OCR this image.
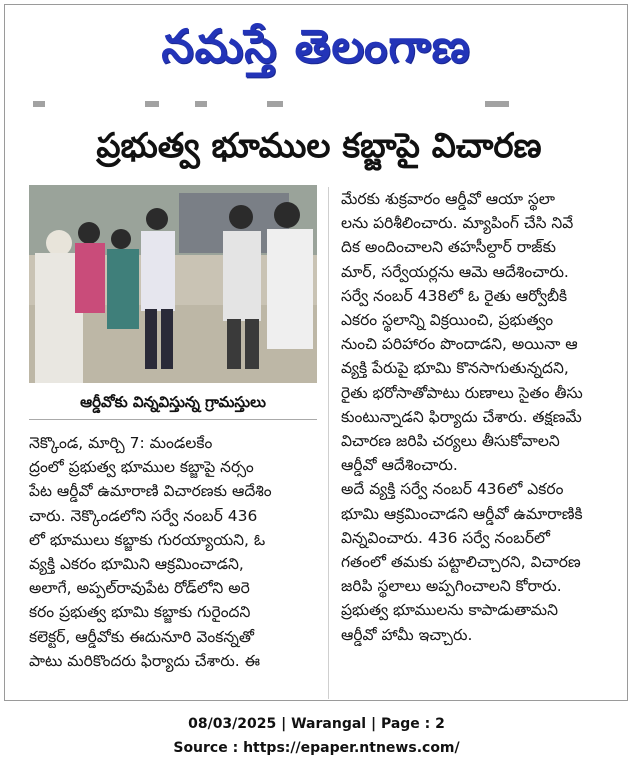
నమస్తే తెలంగాణ
ప్రభుత్వ భూముల కబ్జాపై విచారణ
ఆర్డీవోకు విన్నవిస్తున్న గ్రామస్తులు
నెక్కొండ, మార్చి 7: మండలకేం
ద్రంలో ప్రభుత్వ భూముల కబ్జాపై నర్సం
పేట ఆర్డీవో ఉమారాణి విచారణకు ఆదేశిం
చారు. నెక్కొండలోని సర్వే నంబర్ 436
లో భూములు కబ్జాకు గురయ్యాయని, ఓ
వ్యక్తి ఎకరం భూమిని ఆక్రమించాడని,
అలాగే, అప్పల్‌రావుపేట రోడ్‌లోని అరె
కరం ప్రభుత్వ భూమి కబ్జాకు గురైందని
కలెక్టర్, ఆర్డీవోకు ఈదునూరి వెంకన్నతో
పాటు మరికొందరు ఫిర్యాదు చేశారు. ఈ
మేరకు శుక్రవారం ఆర్డీవో ఆయా స్థలా
లను పరిశీలించారు. మ్యాపింగ్ చేసి నివే
దిక అందించాలని తహసీల్దార్ రాజ్‌కు
మార్, సర్వేయర్లను ఆమె ఆదేశించారు.
సర్వే నంబర్ 438లో ఓ రైతు ఆర్వోబీకి
ఎకరం స్థలాన్ని విక్రయించి, ప్రభుత్వం
నుంచి పరిహారం పొందాడని, అయినా ఆ
వ్యక్తి పేరుపై భూమి కొనసాగుతున్నదని,
రైతు భరోసాతోపాటు రుణాలు సైతం తీసు
కుంటున్నాడని ఫిర్యాదు చేశారు. తక్షణమే
విచారణ జరిపి చర్యలు తీసుకోవాలని
ఆర్డీవో ఆదేశించారు.
అదే వ్యక్తి సర్వే నంబర్ 436లో ఎకరం
భూమి ఆక్రమించాడని ఆర్డీవో ఉమారాణికి
విన్నవించారు. 436 సర్వే నంబర్‌లో
గతంలో తమకు పట్టాలిచ్చారని, విచారణ
జరిపి స్థలాలు అప్పగించాలని కోరారు.
ప్రభుత్వ భూములను కాపాడుతామని
ఆర్డీవో హామీ ఇచ్చారు.
08/03/2025 | Warangal | Page : 2
Source : https://epaper.ntnews.com/
